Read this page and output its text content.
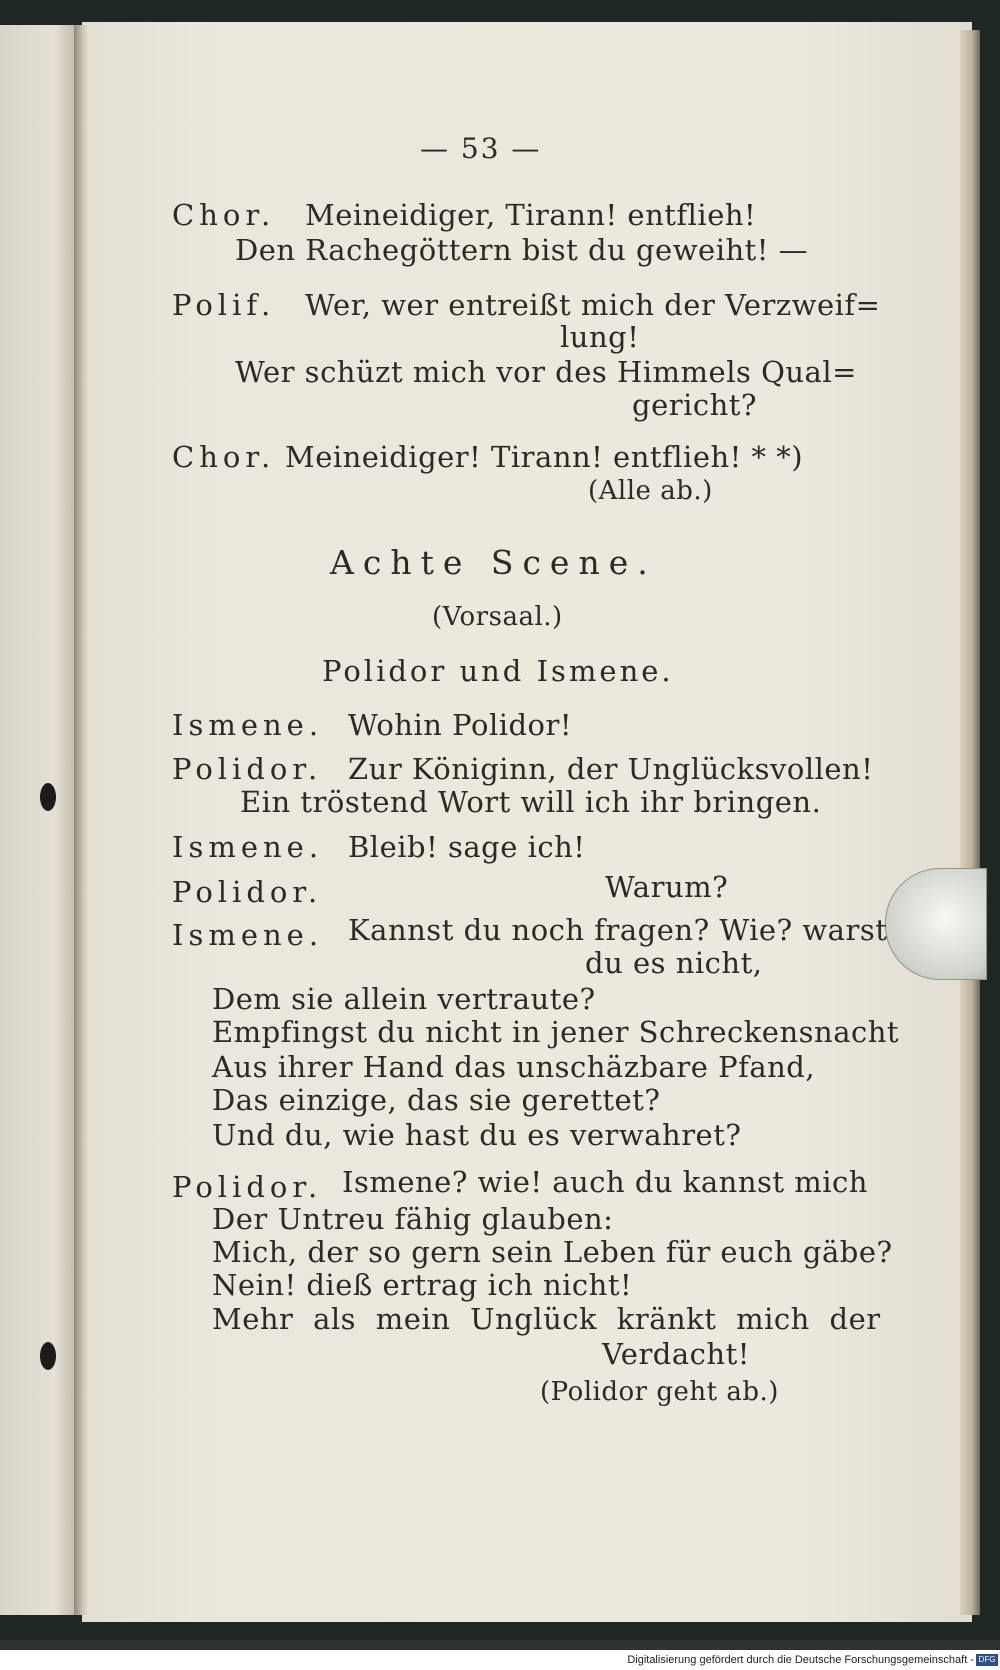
— 53 —
Chor. Meineidiger, Tirann! entflieh!
Den Rachegöttern bist du geweiht! —
Polif. Wer, wer entreißt mich der Verzweif=
lung!
Wer schüzt mich vor des Himmels Qual=
gericht?
Chor. Meineidiger! Tirann! entflieh! * *)
(Alle ab.)
Achte Scene.
(Vorsaal.)
Polidor und Ismene.
Ismene. Wohin Polidor!
Polidor. Zur Königinn, der Unglücksvollen!
Ein tröstend Wort will ich ihr bringen.
Ismene. Bleib! sage ich!
Polidor.	Warum?
Ismene. Kannst du noch fragen? Wie? warst
du es nicht,
Dem sie allein vertraute?
Empfingst du nicht in jener Schreckensnacht
Aus ihrer Hand das unschäzbare Pfand,
Das einzige, das sie gerettet?
Und du, wie hast du es verwahret?
Polidor. Ismene? wie! auch du kannst mich
Der Untreu fähig glauben:
Mich, der so gern sein Leben für euch gäbe?
Nein! dieß ertrag ich nicht!
Mehr als mein Unglück kränkt mich der
Verdacht!
(Polidor geht ab.)
Digitalisierung gefördert durch die Deutsche Forschungsgemeinschaft - DFG
